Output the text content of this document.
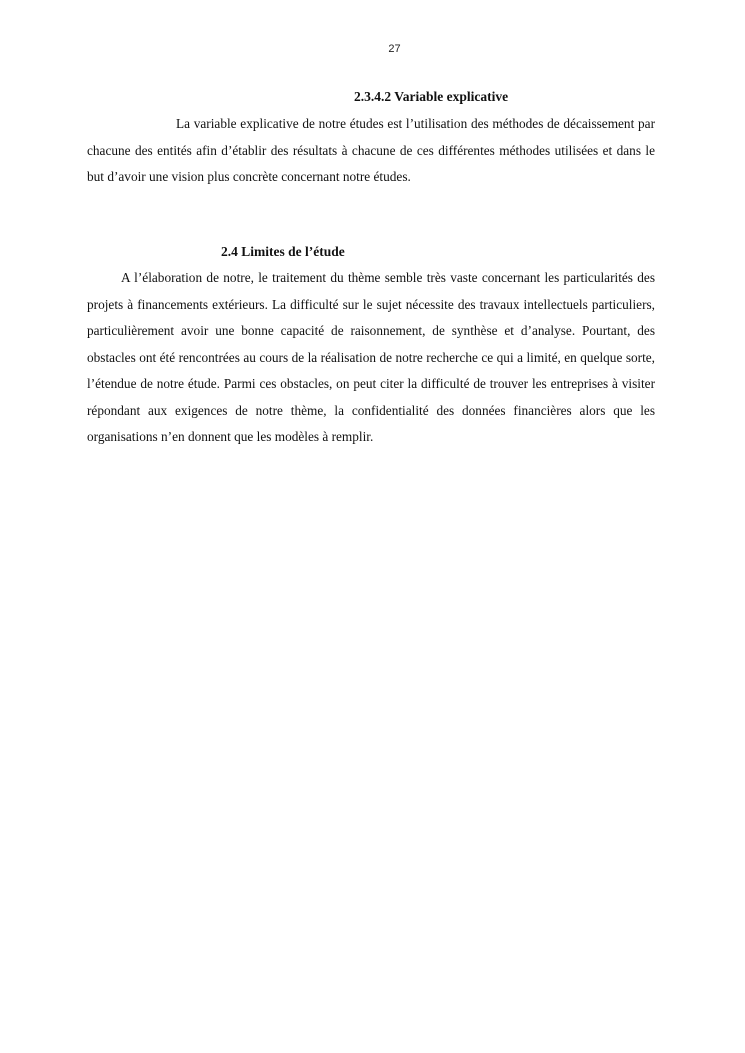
27

2.3.4.2 Variable explicative

La variable explicative de notre études est l’utilisation des méthodes de décaissement par chacune des entités afin d’établir des résultats à chacune de ces différentes méthodes utilisées et dans le but d’avoir une vision plus concrète concernant notre études.

2.4 Limites de l’étude

A l’élaboration de notre, le traitement du thème semble très vaste concernant les particularités des projets à financements extérieurs. La difficulté sur le sujet nécessite des travaux intellectuels particuliers, particulièrement avoir une bonne capacité de raisonnement, de synthèse et d’analyse. Pourtant, des obstacles ont été rencontrées au cours de la réalisation de notre recherche ce qui a limité, en quelque sorte, l’étendue de notre étude. Parmi ces obstacles, on peut citer la difficulté de trouver les entreprises à visiter répondant aux exigences de notre thème, la confidentialité des données financières alors que les organisations n’en donnent que les modèles à remplir.
